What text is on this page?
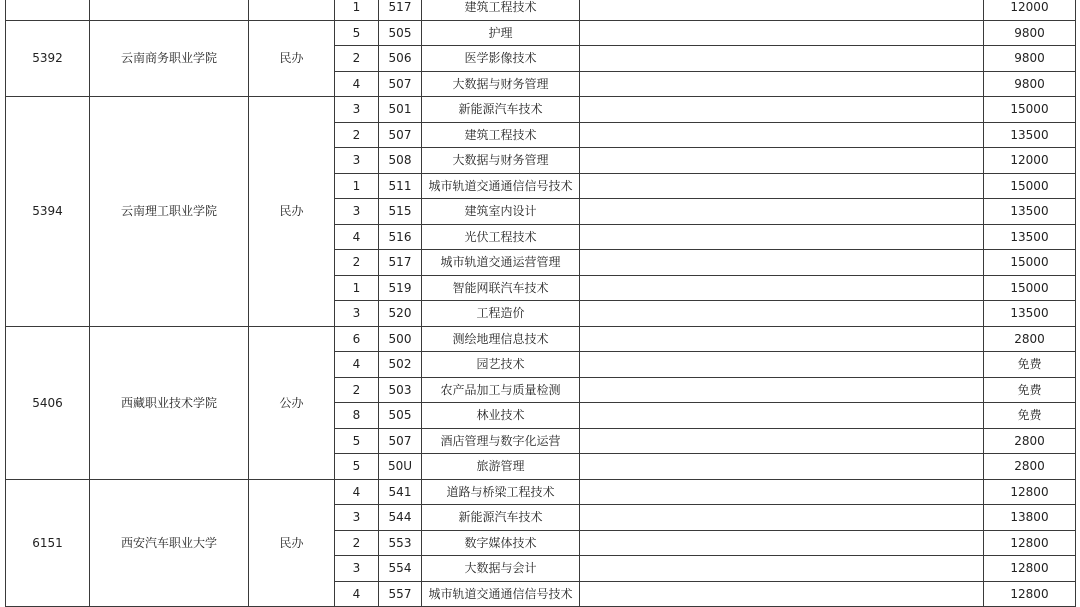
			1	517	建筑工程技术		12000
5392	云南商务职业学院	民办	5	505	护理		9800
			2	506	医学影像技术		9800
			4	507	大数据与财务管理		9800
5394	云南理工职业学院	民办	3	501	新能源汽车技术		15000
			2	507	建筑工程技术		13500
			3	508	大数据与财务管理		12000
			1	511	城市轨道交通通信信号技术		15000
			3	515	建筑室内设计		13500
			4	516	光伏工程技术		13500
			2	517	城市轨道交通运营管理		15000
			1	519	智能网联汽车技术		15000
			3	520	工程造价		13500
5406	西藏职业技术学院	公办	6	500	测绘地理信息技术		2800
			4	502	园艺技术		免费
			2	503	农产品加工与质量检测		免费
			8	505	林业技术		免费
			5	507	酒店管理与数字化运营		2800
			5	50U	旅游管理		2800
6151	西安汽车职业大学	民办	4	541	道路与桥梁工程技术		12800
			3	544	新能源汽车技术		13800
			2	553	数字媒体技术		12800
			3	554	大数据与会计		12800
			4	557	城市轨道交通通信信号技术		12800
